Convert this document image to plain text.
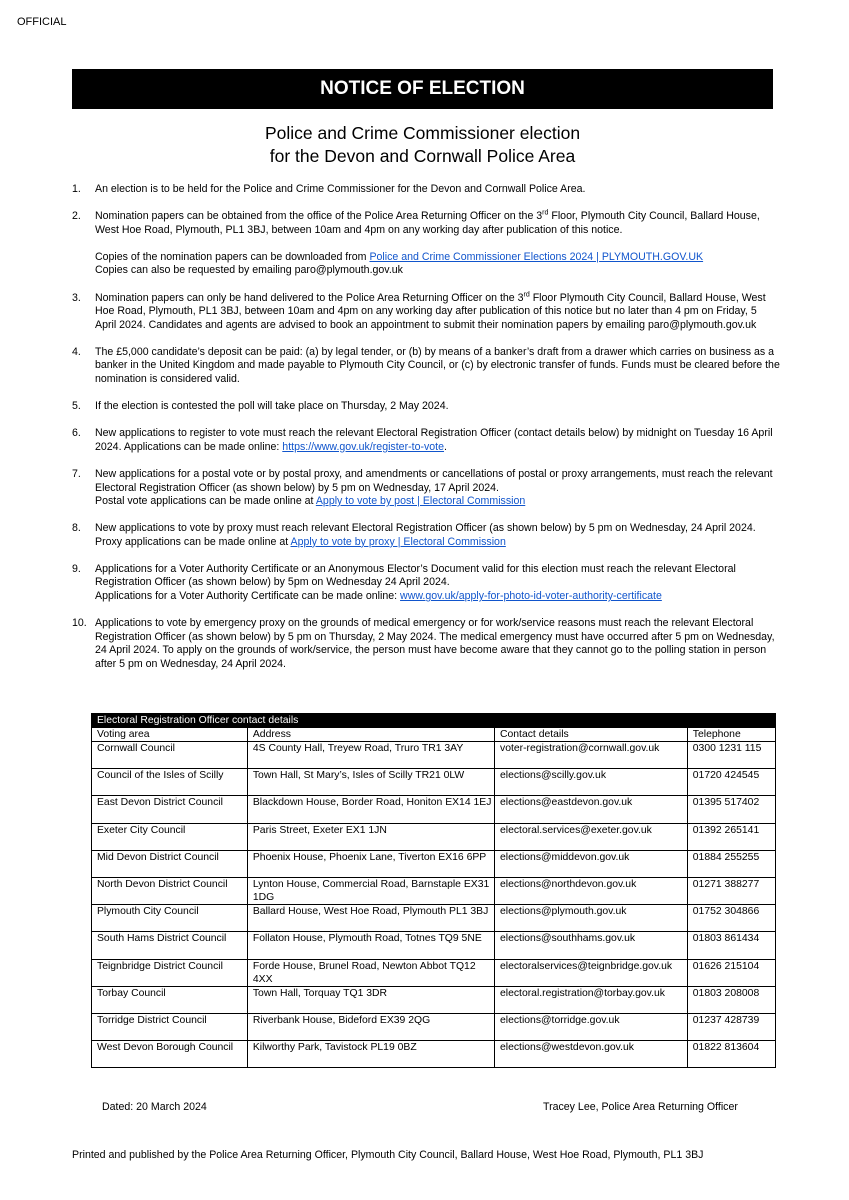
OFFICIAL
NOTICE OF ELECTION
Police and Crime Commissioner election
for the Devon and Cornwall Police Area
1.	An election is to be held for the Police and Crime Commissioner for the Devon and Cornwall Police Area.

2.	Nomination papers can be obtained from the office of the Police Area Returning Officer on the 3rd Floor, Plymouth City Council, Ballard House, West Hoe Road, Plymouth, PL1 3BJ, between 10am and 4pm on any working day after publication of this notice.

Copies of the nomination papers can be downloaded from Police and Crime Commissioner Elections 2024 | PLYMOUTH.GOV.UK
Copies can also be requested by emailing paro@plymouth.gov.uk

3.	Nomination papers can only be hand delivered to the Police Area Returning Officer on the 3rd Floor Plymouth City Council, Ballard House, West Hoe Road, Plymouth, PL1 3BJ, between 10am and 4pm on any working day after publication of this notice but no later than 4 pm on Friday, 5 April 2024. Candidates and agents are advised to book an appointment to submit their nomination papers by emailing paro@plymouth.gov.uk

4.	The £5,000 candidate’s deposit can be paid: (a) by legal tender, or (b) by means of a banker’s draft from a drawer which carries on business as a banker in the United Kingdom and made payable to Plymouth City Council, or (c) by electronic transfer of funds. Funds must be cleared before the nomination is considered valid.

5.	If the election is contested the poll will take place on Thursday, 2 May 2024.

6.	New applications to register to vote must reach the relevant Electoral Registration Officer (contact details below) by midnight on Tuesday 16 April 2024. Applications can be made online: https://www.gov.uk/register-to-vote.

7.	New applications for a postal vote or by postal proxy, and amendments or cancellations of postal or proxy arrangements, must reach the relevant Electoral Registration Officer (as shown below) by 5 pm on Wednesday, 17 April 2024.
Postal vote applications can be made online at Apply to vote by post | Electoral Commission

8.	New applications to vote by proxy must reach relevant Electoral Registration Officer (as shown below) by 5 pm on Wednesday, 24 April 2024.
Proxy applications can be made online at Apply to vote by proxy | Electoral Commission

9.	Applications for a Voter Authority Certificate or an Anonymous Elector’s Document valid for this election must reach the relevant Electoral Registration Officer (as shown below) by 5pm on Wednesday 24 April 2024.
Applications for a Voter Authority Certificate can be made online: www.gov.uk/apply-for-photo-id-voter-authority-certificate

10. Applications to vote by emergency proxy on the grounds of medical emergency or for work/service reasons must reach the relevant Electoral Registration Officer (as shown below) by 5 pm on Thursday, 2 May 2024. The medical emergency must have occurred after 5 pm on Wednesday, 24 April 2024. To apply on the grounds of work/service, the person must have become aware that they cannot go to the polling station in person after 5 pm on Wednesday, 24 April 2024.

Electoral Registration Officer contact details			
Voting area	Address	Contact details	Telephone
Cornwall Council	4S County Hall, Treyew Road, Truro TR1 3AY	voter-registration@cornwall.gov.uk	0300 1231 115
Council of the Isles of Scilly	Town Hall, St Mary’s, Isles of Scilly TR21 0LW	elections@scilly.gov.uk	01720 424545
East Devon District Council	Blackdown House, Border Road, Honiton EX14 1EJ	elections@eastdevon.gov.uk	01395 517402
Exeter City Council	Paris Street, Exeter EX1 1JN	electoral.services@exeter.gov.uk	01392 265141
Mid Devon District Council	Phoenix House, Phoenix Lane, Tiverton EX16 6PP	elections@middevon.gov.uk	01884 255255
North Devon District Council	Lynton House, Commercial Road, Barnstaple EX31 1DG	elections@northdevon.gov.uk	01271 388277
Plymouth City Council	Ballard House, West Hoe Road, Plymouth PL1 3BJ	elections@plymouth.gov.uk	01752 304866
South Hams District Council	Follaton House, Plymouth Road, Totnes TQ9 5NE	elections@southhams.gov.uk	01803 861434
Teignbridge District Council	Forde House, Brunel Road, Newton Abbot TQ12 4XX	electoralservices@teignbridge.gov.uk	01626 215104
Torbay Council	Town Hall, Torquay TQ1 3DR	electoral.registration@torbay.gov.uk	01803 208008
Torridge District Council	Riverbank House, Bideford EX39 2QG	elections@torridge.gov.uk	01237 428739
West Devon Borough Council	Kilworthy Park, Tavistock PL19 0BZ	elections@westdevon.gov.uk	01822 813604
Dated: 20 March 2024	Tracey Lee, Police Area Returning Officer
Printed and published by the Police Area Returning Officer, Plymouth City Council, Ballard House, West Hoe Road, Plymouth, PL1 3BJ
